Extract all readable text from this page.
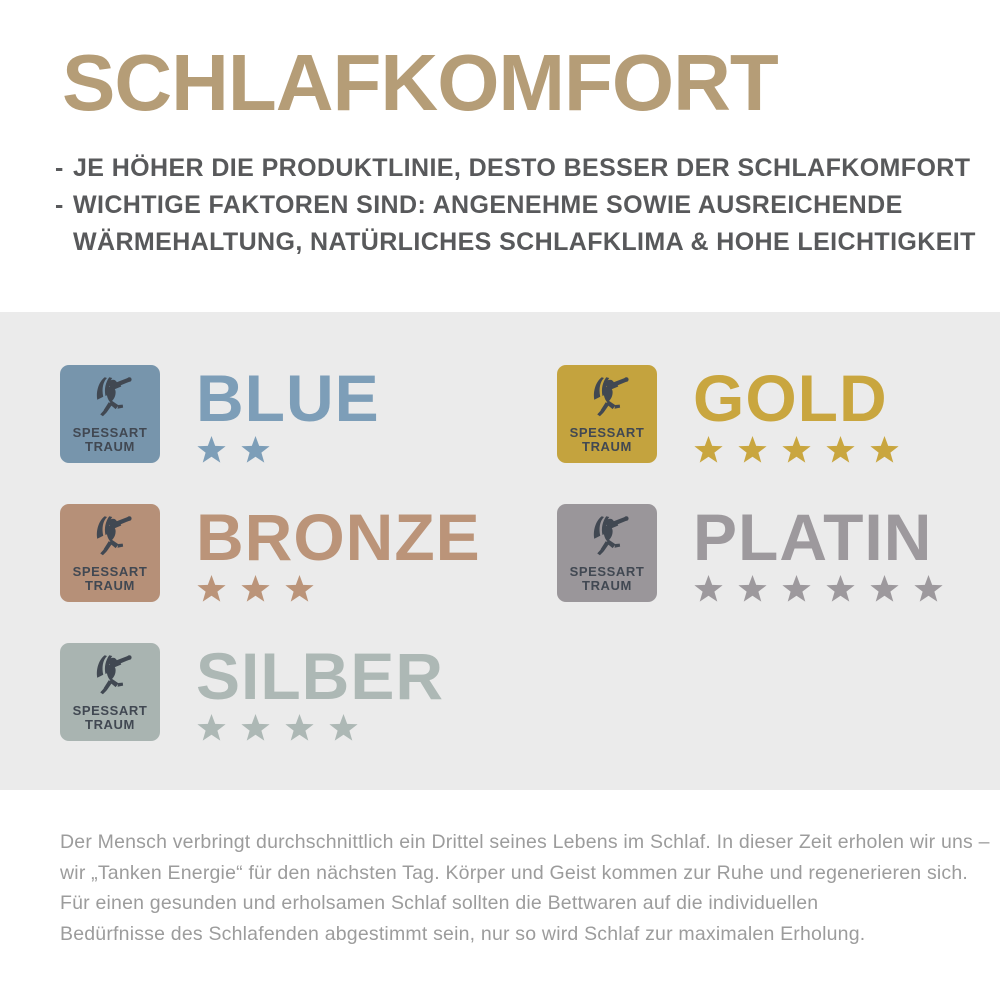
SCHLAFKOMFORT
- JE HÖHER DIE PRODUKTLINIE, DESTO BESSER DER SCHLAFKOMFORT
- WICHTIGE FAKTOREN SIND: ANGENEHME SOWIE AUSREICHENDE
WÄRMEHALTUNG, NATÜRLICHES SCHLAFKLIMA & HOHE LEICHTIGKEIT
SPESSART
TRAUM
BLUE
SPESSART
TRAUM
BRONZE
SPESSART
TRAUM
SILBER
SPESSART
TRAUM
GOLD
SPESSART
TRAUM
PLATIN
Der Mensch verbringt durchschnittlich ein Drittel seines Lebens im Schlaf. In dieser Zeit erholen wir uns –
wir „Tanken Energie“ für den nächsten Tag. Körper und Geist kommen zur Ruhe und regenerieren sich.
Für einen gesunden und erholsamen Schlaf sollten die Bettwaren auf die individuellen
Bedürfnisse des Schlafenden abgestimmt sein, nur so wird Schlaf zur maximalen Erholung.
